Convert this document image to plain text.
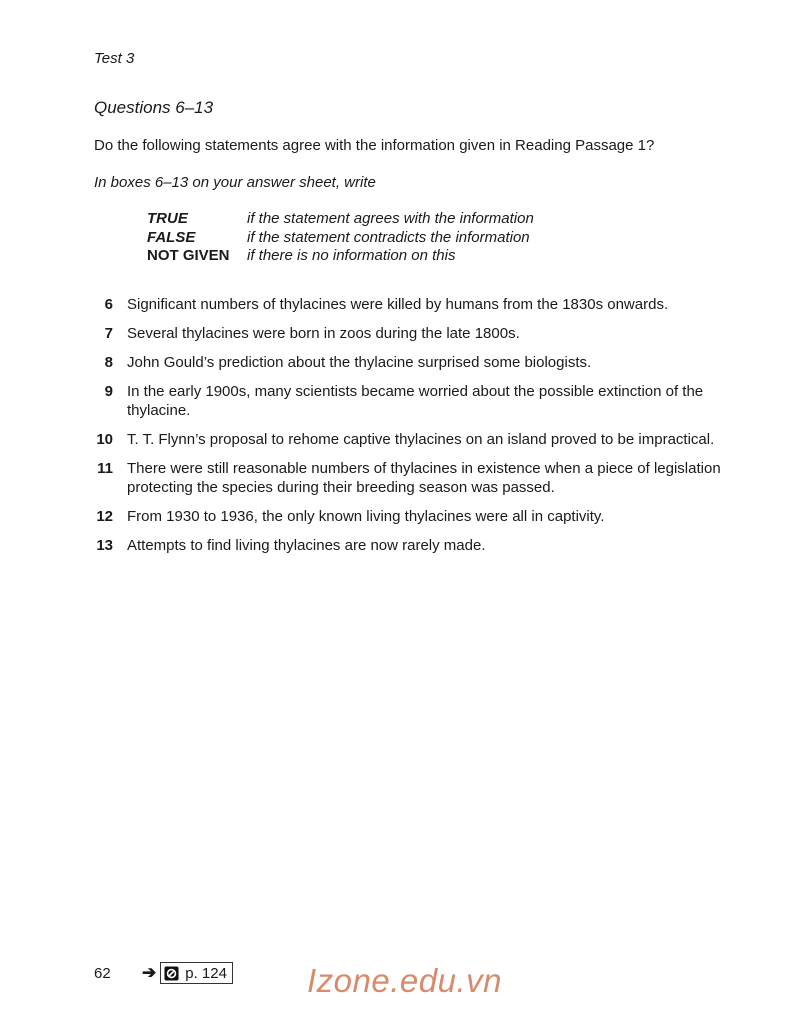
Test 3
Questions 6–13
Do the following statements agree with the information given in Reading Passage 1?
In boxes 6–13 on your answer sheet, write
TRUE	if the statement agrees with the information
FALSE	if the statement contradicts the information
NOT GIVEN	if there is no information on this
6 Significant numbers of thylacines were killed by humans from the 1830s onwards.
7 Several thylacines were born in zoos during the late 1800s.
8 John Gould’s prediction about the thylacine surprised some biologists.
9 In the early 1900s, many scientists became worried about the possible extinction of the thylacine.
10 T. T. Flynn’s proposal to rehome captive thylacines on an island proved to be impractical.
11 There were still reasonable numbers of thylacines in existence when a piece of legislation protecting the species during their breeding season was passed.
12 From 1930 to 1936, the only known living thylacines were all in captivity.
13 Attempts to find living thylacines are now rarely made.
62	➔ p. 124 Izone.edu.vn
